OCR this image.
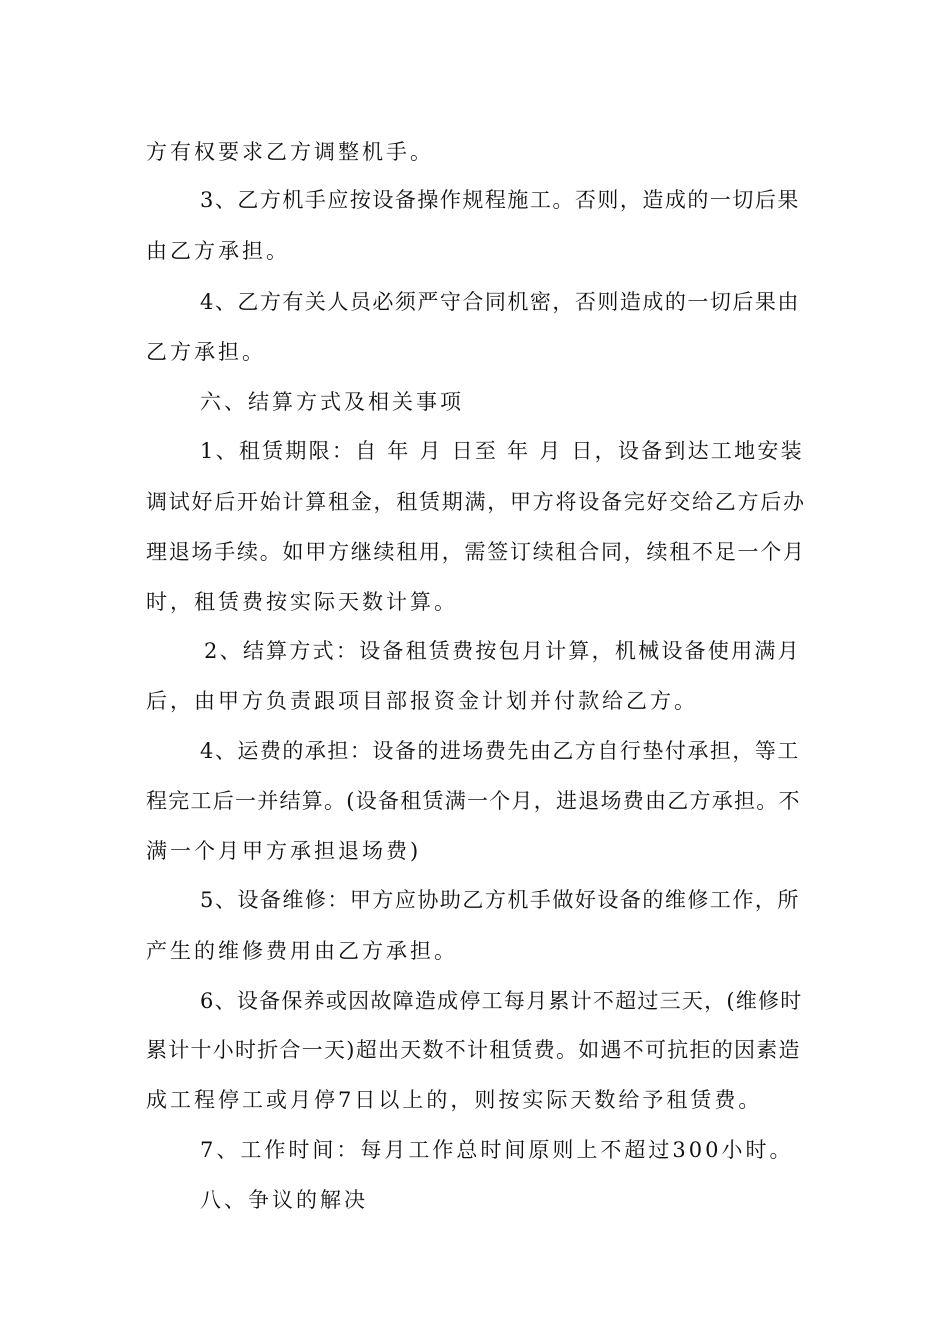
方有权要求乙方调整机手。
3、乙方机手应按设备操作规程施工。否则，造成的一切后果
由乙方承担。
4、乙方有关人员必须严守合同机密，否则造成的一切后果由
乙方承担。
六、结算方式及相关事项
1、租赁期限：自 年 月 日至 年 月 日，设备到达工地安装
调试好后开始计算租金，租赁期满，甲方将设备完好交给乙方后办
理退场手续。如甲方继续租用，需签订续租合同，续租不足一个月
时，租赁费按实际天数计算。
2、结算方式：设备租赁费按包月计算，机械设备使用满月
后，由甲方负责跟项目部报资金计划并付款给乙方。
4、运费的承担：设备的进场费先由乙方自行垫付承担，等工
程完工后一并结算。(设备租赁满一个月，进退场费由乙方承担。不
满一个月甲方承担退场费)
5、设备维修：甲方应协助乙方机手做好设备的维修工作，所
产生的维修费用由乙方承担。
6、设备保养或因故障造成停工每月累计不超过三天，(维修时
累计十小时折合一天)超出天数不计租赁费。如遇不可抗拒的因素造
成工程停工或月停7日以上的，则按实际天数给予租赁费。
7、工作时间：每月工作总时间原则上不超过300小时。
八、争议的解决
